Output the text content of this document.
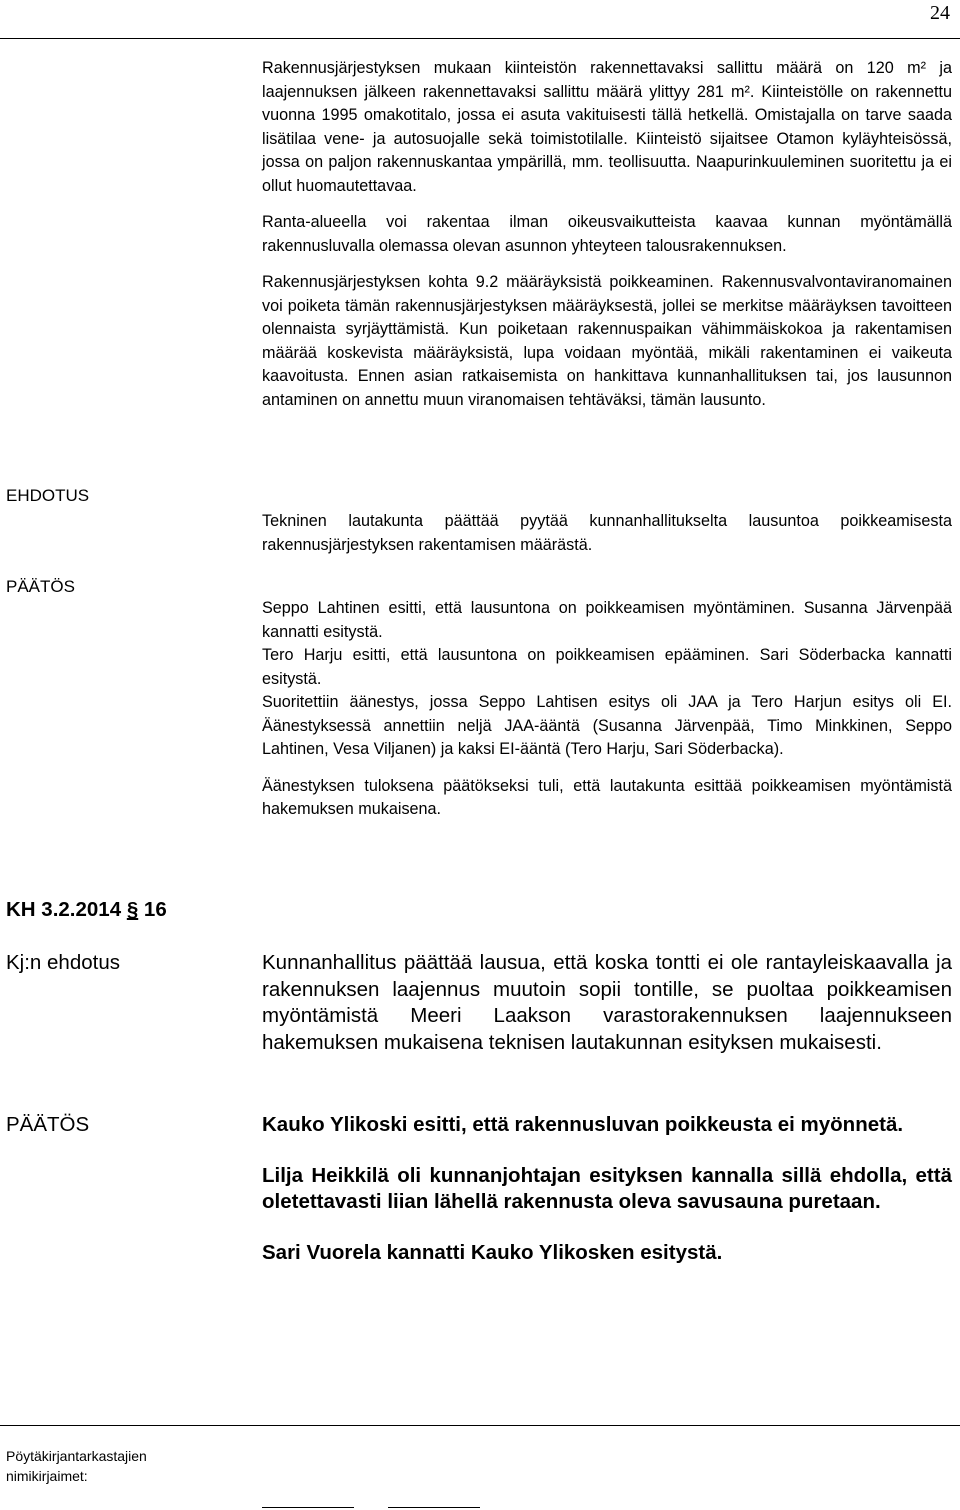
24

Rakennusjärjestyksen mukaan kiinteistön rakennettavaksi sallittu määrä on 120 m² ja laajennuksen jälkeen rakennettavaksi sallittu määrä ylittyy 281 m². Kiinteistölle on rakennettu vuonna 1995 omakotitalo, jossa ei asuta vakituisesti tällä hetkellä. Omistajalla on tarve saada lisätilaa vene- ja autosuojalle sekä toimistotilalle. Kiinteistö sijaitsee Otamon kyläyhteisössä, jossa on paljon rakennuskantaa ympärillä, mm. teollisuutta. Naapurinkuuleminen suoritettu ja ei ollut huomautettavaa.

Ranta-alueella voi rakentaa ilman oikeusvaikutteista kaavaa kunnan myöntämällä rakennusluvalla olemassa olevan asunnon yhteyteen talousrakennuksen.

Rakennusjärjestyksen kohta 9.2 määräyksistä poikkeaminen. Rakennusvalvontaviranomainen voi poiketa tämän rakennusjärjestyksen määräyksestä, jollei se merkitse määräyksen tavoitteen olennaista syrjäyttämistä. Kun poiketaan rakennuspaikan vähimmäiskokoa ja rakentamisen määrää koskevista määräyksistä, lupa voidaan myöntää, mikäli rakentaminen ei vaikeuta kaavoitusta. Ennen asian ratkaisemista on hankittava kunnanhallituksen tai, jos lausunnon antaminen on annettu muun viranomaisen tehtäväksi, tämän lausunto.

EHDOTUS

Tekninen lautakunta päättää pyytää kunnanhallitukselta lausuntoa poikkeamisesta rakennusjärjestyksen rakentamisen määrästä.

PÄÄTÖS

Seppo Lahtinen esitti, että lausuntona on poikkeamisen myöntäminen. Susanna Järvenpää kannatti esitystä.

Tero Harju esitti, että lausuntona on poikkeamisen epääminen. Sari Söderbacka kannatti esitystä.

Suoritettiin äänestys, jossa Seppo Lahtisen esitys oli JAA ja Tero Harjun esitys oli EI. Äänestyksessä annettiin neljä JAA-ääntä (Susanna Järvenpää, Timo Minkkinen, Seppo Lahtinen, Vesa Viljanen) ja kaksi EI-ääntä (Tero Harju, Sari Söderbacka).

Äänestyksen tuloksena päätökseksi tuli, että lautakunta esittää poikkeamisen myöntämistä hakemuksen mukaisena.

KH 3.2.2014 § 16
Kj:n ehdotus	Kunnanhallitus päättää lausua, että koska tontti ei ole rantayleiskaavalla ja rakennuksen laajennus muutoin sopii tontille, se puoltaa poikkeamisen myöntämistä Meeri Laakson varastorakennuksen laajennukseen hakemuksen mukaisena teknisen lautakunnan esityksen mukaisesti.

PÄÄTÖS	Kauko Ylikoski esitti, että rakennusluvan poikkeusta ei myönnetä.

Lilja Heikkilä oli kunnanjohtajan esityksen kannalla sillä ehdolla, että oletettavasti liian lähellä rakennusta oleva savusauna puretaan.

Sari Vuorela kannatti Kauko Ylikosken esitystä.

Pöytäkirjantarkastajien
nimikirjaimet:
